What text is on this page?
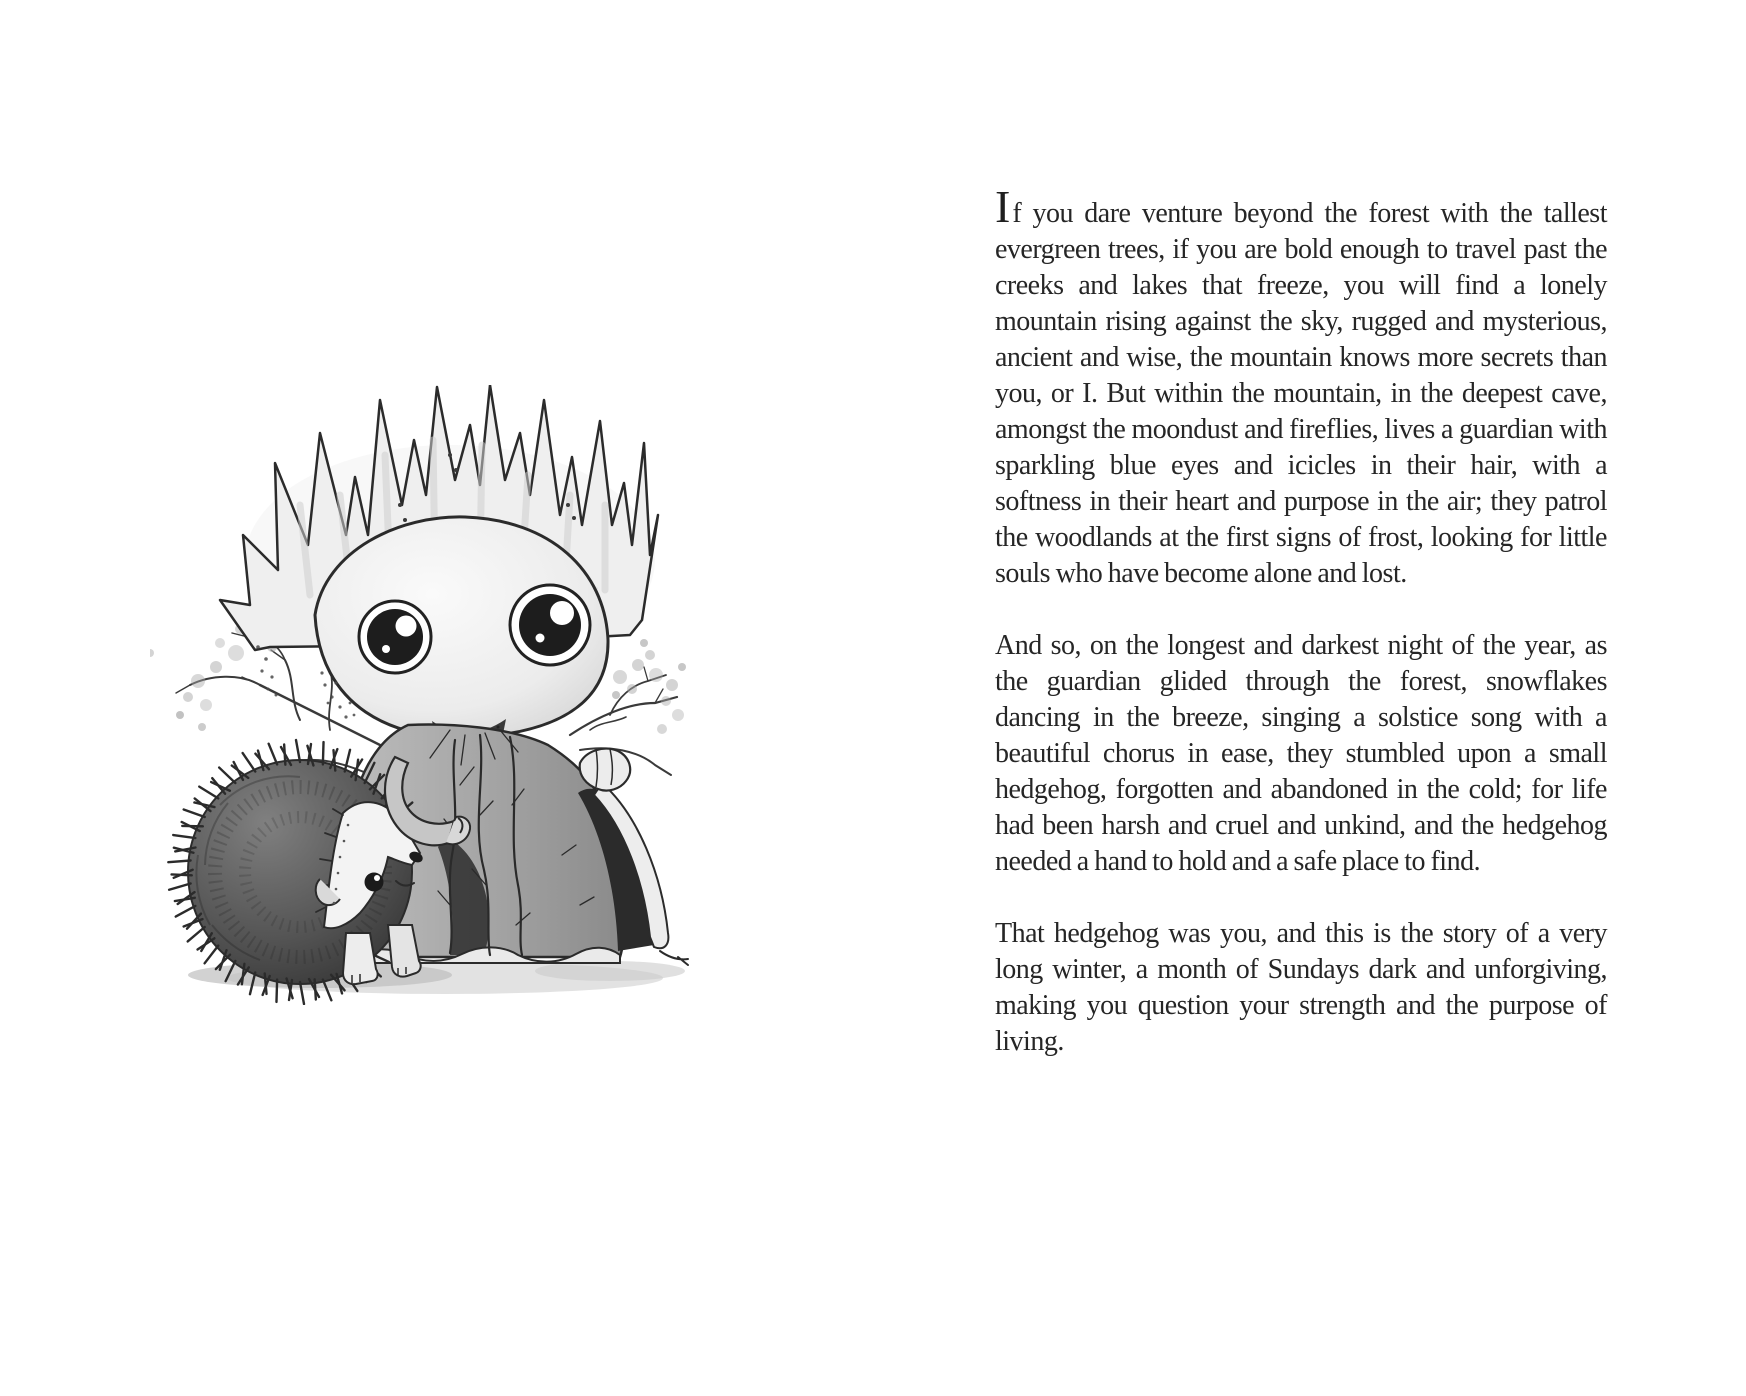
If you dare venture beyond the forest with the tallest evergreen trees, if you are bold enough to travel past the creeks and lakes that freeze, you will find a lonely mountain rising against the sky, rugged and mysterious, ancient and wise, the mountain knows more secrets than you, or I. But within the mountain, in the deepest cave, amongst the moondust and fireflies, lives a guardian with sparkling blue eyes and icicles in their hair, with a softness in their heart and purpose in the air; they patrol the woodlands at the first signs of frost, looking for little souls who have become alone and lost.

And so, on the longest and darkest night of the year, as the guardian glided through the forest, snowflakes dancing in the breeze, singing a solstice song with a beautiful chorus in ease, they stumbled upon a small hedgehog, forgotten and abandoned in the cold; for life had been harsh and cruel and unkind, and the hedgehog needed a hand to hold and a safe place to find.

That hedgehog was you, and this is the story of a very long winter, a month of Sundays dark and unforgiving, making you question your strength and the purpose of living.
